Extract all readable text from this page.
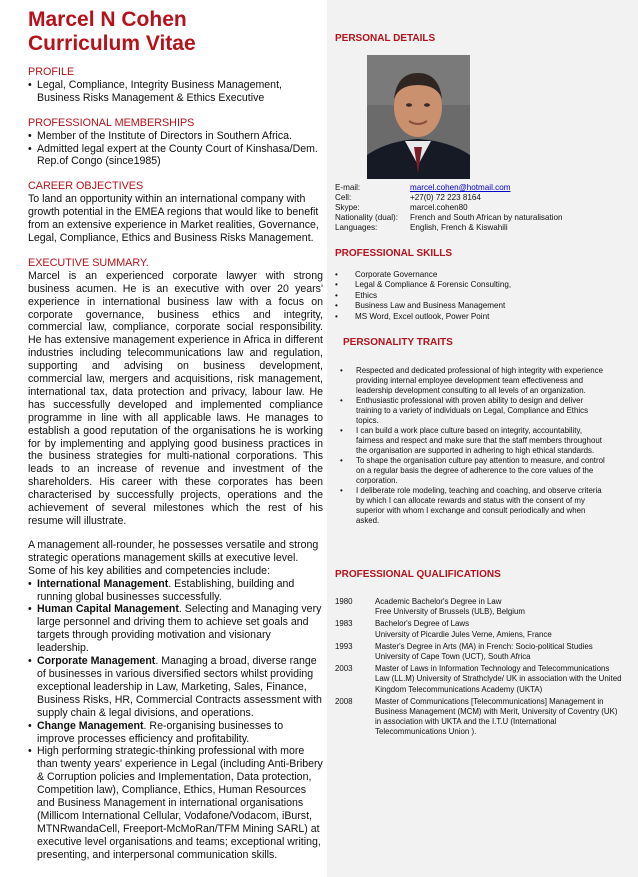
Marcel N Cohen
Curriculum Vitae
PROFILE
• Legal, Compliance, Integrity Business Management,
Business Risks Management & Ethics Executive
PROFESSIONAL MEMBERSHIPS
• Member of the Institute of Directors in Southern Africa.
• Admitted legal expert at the County Court of Kinshasa/Dem.
Rep.of Congo (since1985)
CAREER OBJECTIVES

To land an opportunity within an international company with growth potential in the EMEA regions that would like to benefit from an extensive experience in Market realities, Governance, Legal, Compliance, Ethics and Business Risks Management.

EXECUTIVE SUMMARY.

Marcel is an experienced corporate lawyer with strong business acumen. He is an executive with over 20 years' experience in international business law with a focus on corporate governance, business ethics and integrity, commercial law, compliance, corporate social responsibility. He has extensive management experience in Africa in different industries including telecommunications law and regulation, supporting and advising on business development, commercial law, mergers and acquisitions, risk management, international tax, data protection and privacy, labour law. He has successfully developed and implemented compliance programme in line with all applicable laws. He manages to establish a good reputation of the organisations he is working for by implementing and applying good business practices in the business strategies for multi-national corporations. This leads to an increase of revenue and investment of the shareholders. His career with these corporates has been characterised by successfully projects, operations and the achievement of several milestones which the rest of his resume will illustrate.

A management all-rounder, he possesses versatile and strong strategic operations management skills at executive level.

Some of his key abilities and competencies include:

• International Management. Establishing, building and running global businesses successfully.
• Human Capital Management. Selecting and Managing very large personnel and driving them to achieve set goals and targets through providing motivation and visionary leadership.
• Corporate Management. Managing a broad, diverse range of businesses in various diversified sectors whilst providing exceptional leadership in Law, Marketing, Sales, Finance, Business Risks, HR, Commercial Contracts assessment with supply chain & legal divisions, and operations.
• Change Management. Re-organising businesses to improve processes efficiency and profitability.
• High performing strategic-thinking professional with more than twenty years' experience in Legal (including Anti-Bribery & Corruption policies and Implementation, Data protection, Competition law), Compliance, Ethics, Human Resources and Business Management in international organisations (Millicom International Cellular, Vodafone/Vodacom, iBurst, MTNRwandaCell, Freeport-McMoRan/TFM Mining SARL) at executive level organisations and teams; exceptional writing, presenting, and interpersonal communication skills.
PERSONAL DETAILS
E-mail:	marcel.cohen@hotmail.com
Cell:	+27(0) 72 223 8164
Skype:	marcel.cohen80
Nationality (dual):	French and South African by naturalisation
Languages:	English, French & Kiswahili
PROFESSIONAL SKILLS
•	Corporate Governance
•	Legal & Compliance & Forensic Consulting,
•	Ethics
•	Business Law and Business Management
•	MS Word, Excel outlook, Power Point
PERSONALITY TRAITS
•	Respected and dedicated professional of high integrity with experience providing internal employee development team effectiveness and leadership development consulting to all levels of an organization.
•	Enthusiastic professional with proven ability to design and deliver training to a variety of individuals on Legal, Compliance and Ethics topics.
•	I can build a work place culture based on integrity, accountability, fairness and respect and make sure that the staff members throughout the organisation are supported in adhering to high ethical standards.
•	To shape the organisation culture pay attention to measure, and control on a regular basis the degree of adherence to the core values of the corporation.
•	I deliberate role modeling, teaching and coaching, and observe criteria by which I can allocate rewards and status with the consent of my superior with whom I exchange and consult periodically and when asked.
PROFESSIONAL QUALIFICATIONS
1980	Academic Bachelor's Degree in Law
Free University of Brussels (ULB), Belgium
1983	Bachelor's Degree of Laws
University of Picardie Jules Verne, Amiens, France
1993	Master's Degree in Arts (MA) in French: Socio-political Studies University of Cape Town (UCT), South Africa
2003	Master of Laws in Information Technology and Telecommunications Law (LL.M) University of Strathclyde/ UK in association with the United Kingdom Telecommunications Academy (UKTA)
2008	Master of Communications [Telecommunications] Management in Business Management (MCM) with Merit, University of Coventry (UK) in association with UKTA and the I.T.U (International Telecommunications Union ).
